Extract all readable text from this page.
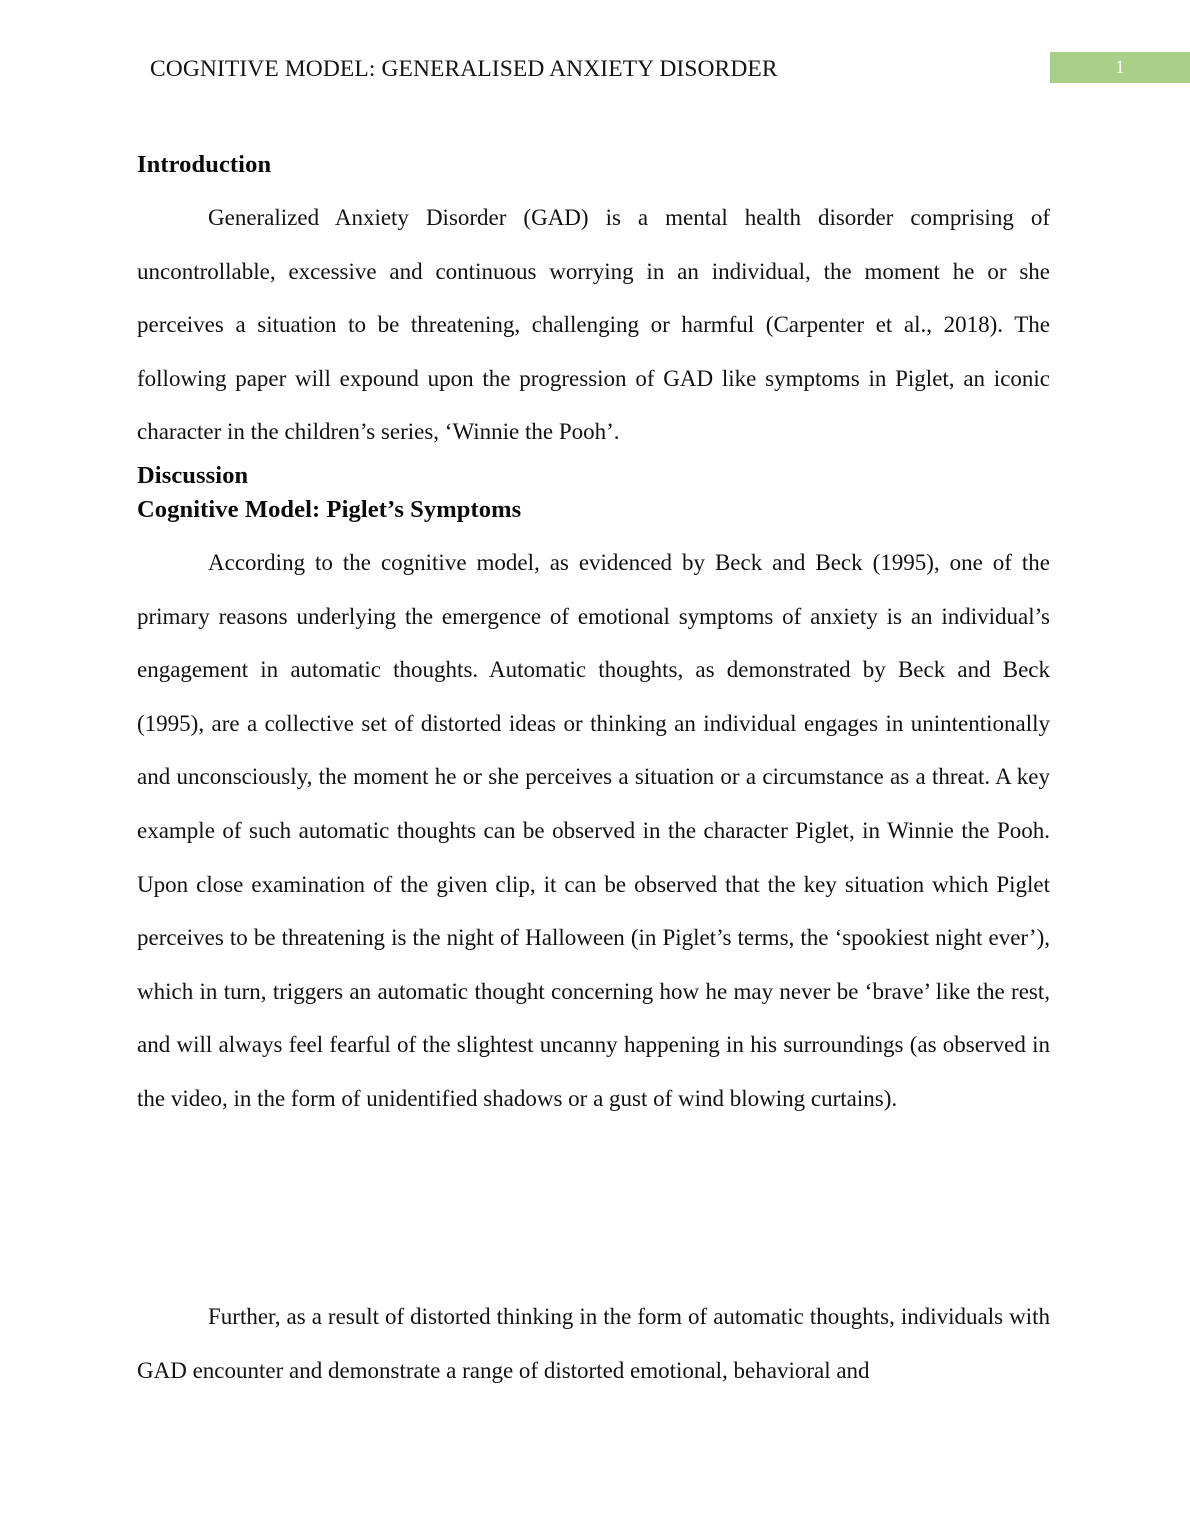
COGNITIVE MODEL: GENERALISED ANXIETY DISORDER	1
Introduction

Generalized Anxiety Disorder (GAD) is a mental health disorder comprising of uncontrollable, excessive and continuous worrying in an individual, the moment he or she perceives a situation to be threatening, challenging or harmful (Carpenter et al., 2018). The following paper will expound upon the progression of GAD like symptoms in Piglet, an iconic character in the children’s series, ‘Winnie the Pooh’.

Discussion
Cognitive Model: Piglet’s Symptoms

According to the cognitive model, as evidenced by Beck and Beck (1995), one of the primary reasons underlying the emergence of emotional symptoms of anxiety is an individual’s engagement in automatic thoughts. Automatic thoughts, as demonstrated by Beck and Beck (1995), are a collective set of distorted ideas or thinking an individual engages in unintentionally and unconsciously, the moment he or she perceives a situation or a circumstance as a threat. A key example of such automatic thoughts can be observed in the character Piglet, in Winnie the Pooh. Upon close examination of the given clip, it can be observed that the key situation which Piglet perceives to be threatening is the night of Halloween (in Piglet’s terms, the ‘spookiest night ever’), which in turn, triggers an automatic thought concerning how he may never be ‘brave’ like the rest, and will always feel fearful of the slightest uncanny happening in his surroundings (as observed in the video, in the form of unidentified shadows or a gust of wind blowing curtains).

Further, as a result of distorted thinking in the form of automatic thoughts, individuals with GAD encounter and demonstrate a range of distorted emotional, behavioral and
